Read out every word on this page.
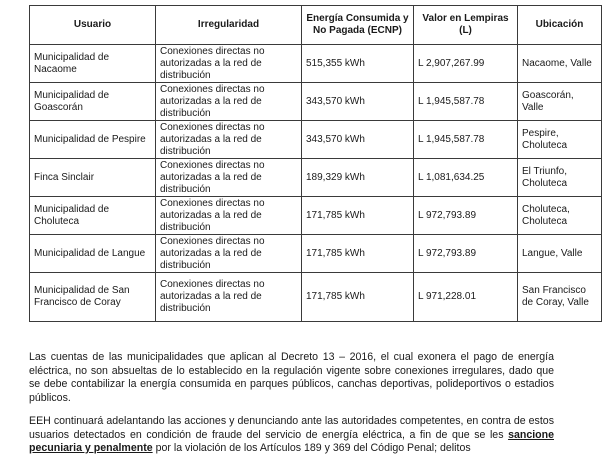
Usuario	Irregularidad	Energía Consumida y No Pagada (ECNP)	Valor en Lempiras (L)	Ubicación
Municipalidad de Nacaome	Conexiones directas no autorizadas a la red de distribución	515,355 kWh	L 2,907,267.99	Nacaome, Valle
Municipalidad de Goascorán	Conexiones directas no autorizadas a la red de distribución	343,570 kWh	L 1,945,587.78	Goascorán, Valle
Municipalidad de Pespire	Conexiones directas no autorizadas a la red de distribución	343,570 kWh	L 1,945,587.78	Pespire, Choluteca
Finca Sinclair	Conexiones directas no autorizadas a la red de distribución	189,329 kWh	L 1,081,634.25	El Triunfo, Choluteca
Municipalidad de Choluteca	Conexiones directas no autorizadas a la red de distribución	171,785 kWh	L 972,793.89	Choluteca, Choluteca
Municipalidad de Langue	Conexiones directas no autorizadas a la red de distribución	171,785 kWh	L 972,793.89	Langue, Valle
Municipalidad de San Francisco de Coray	Conexiones directas no autorizadas a la red de distribución	171,785 kWh	L 971,228.01	San Francisco de Coray, Valle

Las cuentas de las municipalidades que aplican al Decreto 13 – 2016, el cual exonera el pago de energía eléctrica, no son absueltas de lo establecido en la regulación vigente sobre conexiones irregulares, dado que se debe contabilizar la energía consumida en parques públicos, canchas deportivas, polideportivos o estadios públicos.

EEH continuará adelantando las acciones y denunciando ante las autoridades competentes, en contra de estos usuarios detectados en condición de fraude del servicio de energía eléctrica, a fin de que se les sancione pecuniaria y penalmente por la violación de los Artículos 189 y 369 del Código Penal; delitos
